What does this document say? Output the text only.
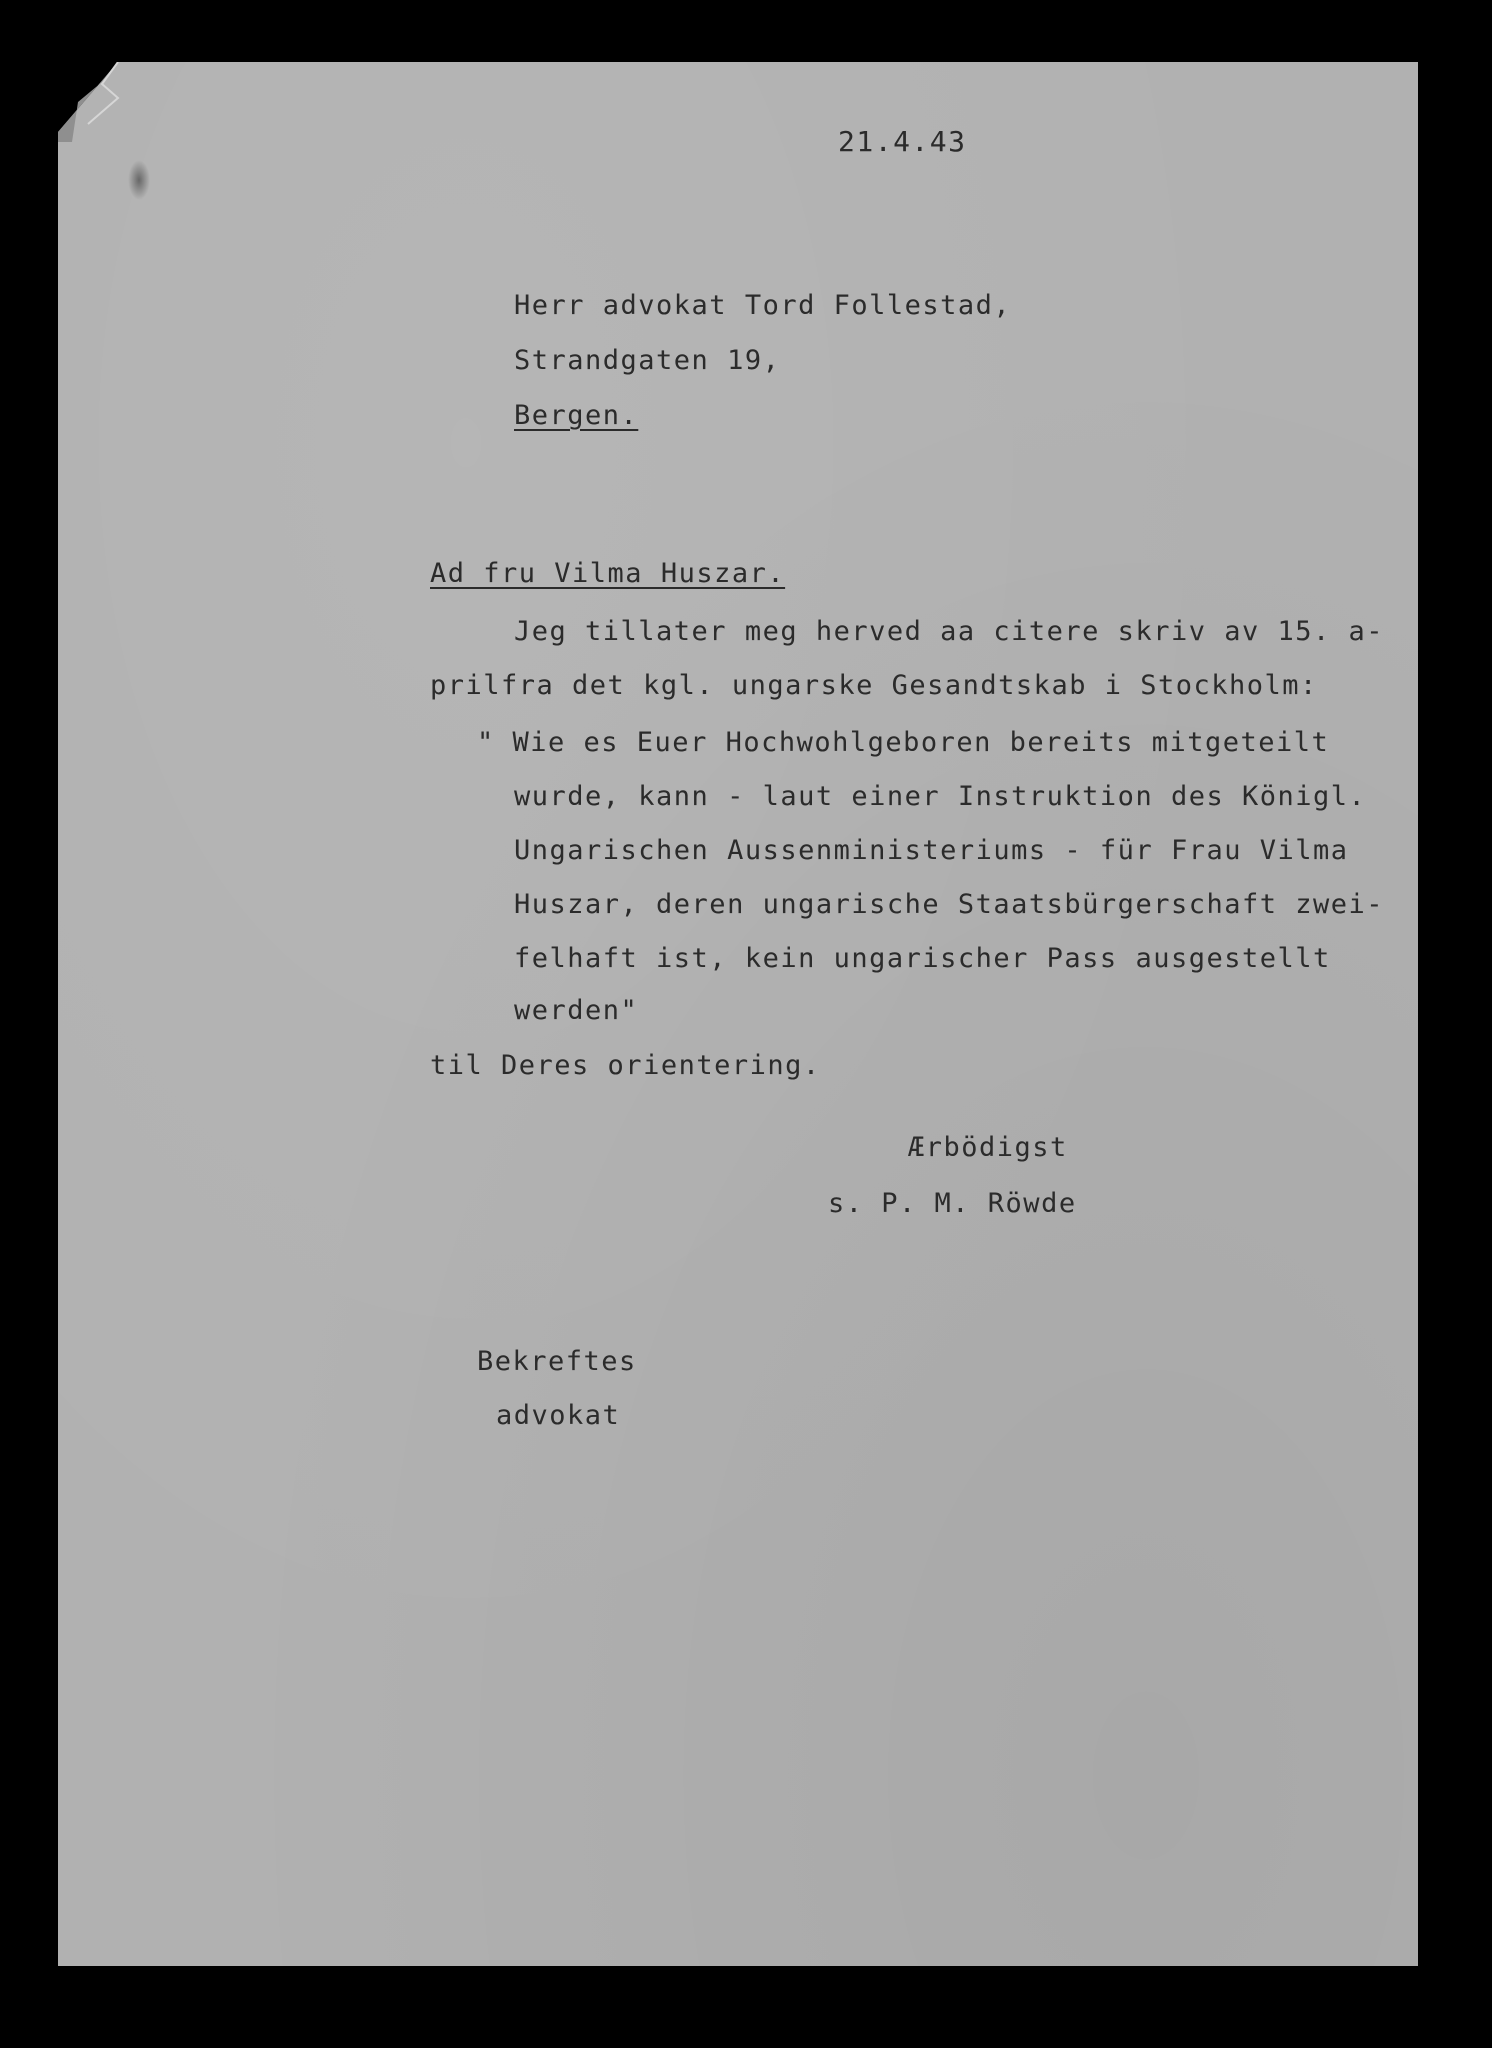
21.4.43
Herr advokat Tord Follestad,
Strandgaten 19,
Bergen.
Ad fru Vilma Huszar.
Jeg tillater meg herved aa citere skriv av 15. a-
prilfra det kgl. ungarske Gesandtskab i Stockholm:
" Wie es Euer Hochwohlgeboren bereits mitgeteilt
wurde, kann - laut einer Instruktion des Königl.
Ungarischen Aussenministeriums - für Frau Vilma
Huszar, deren ungarische Staatsbürgerschaft zwei-
felhaft ist, kein ungarischer Pass ausgestellt
werden"
til Deres orientering.
Ærbödigst
s. P. M. Röwde
Bekreftes
advokat
